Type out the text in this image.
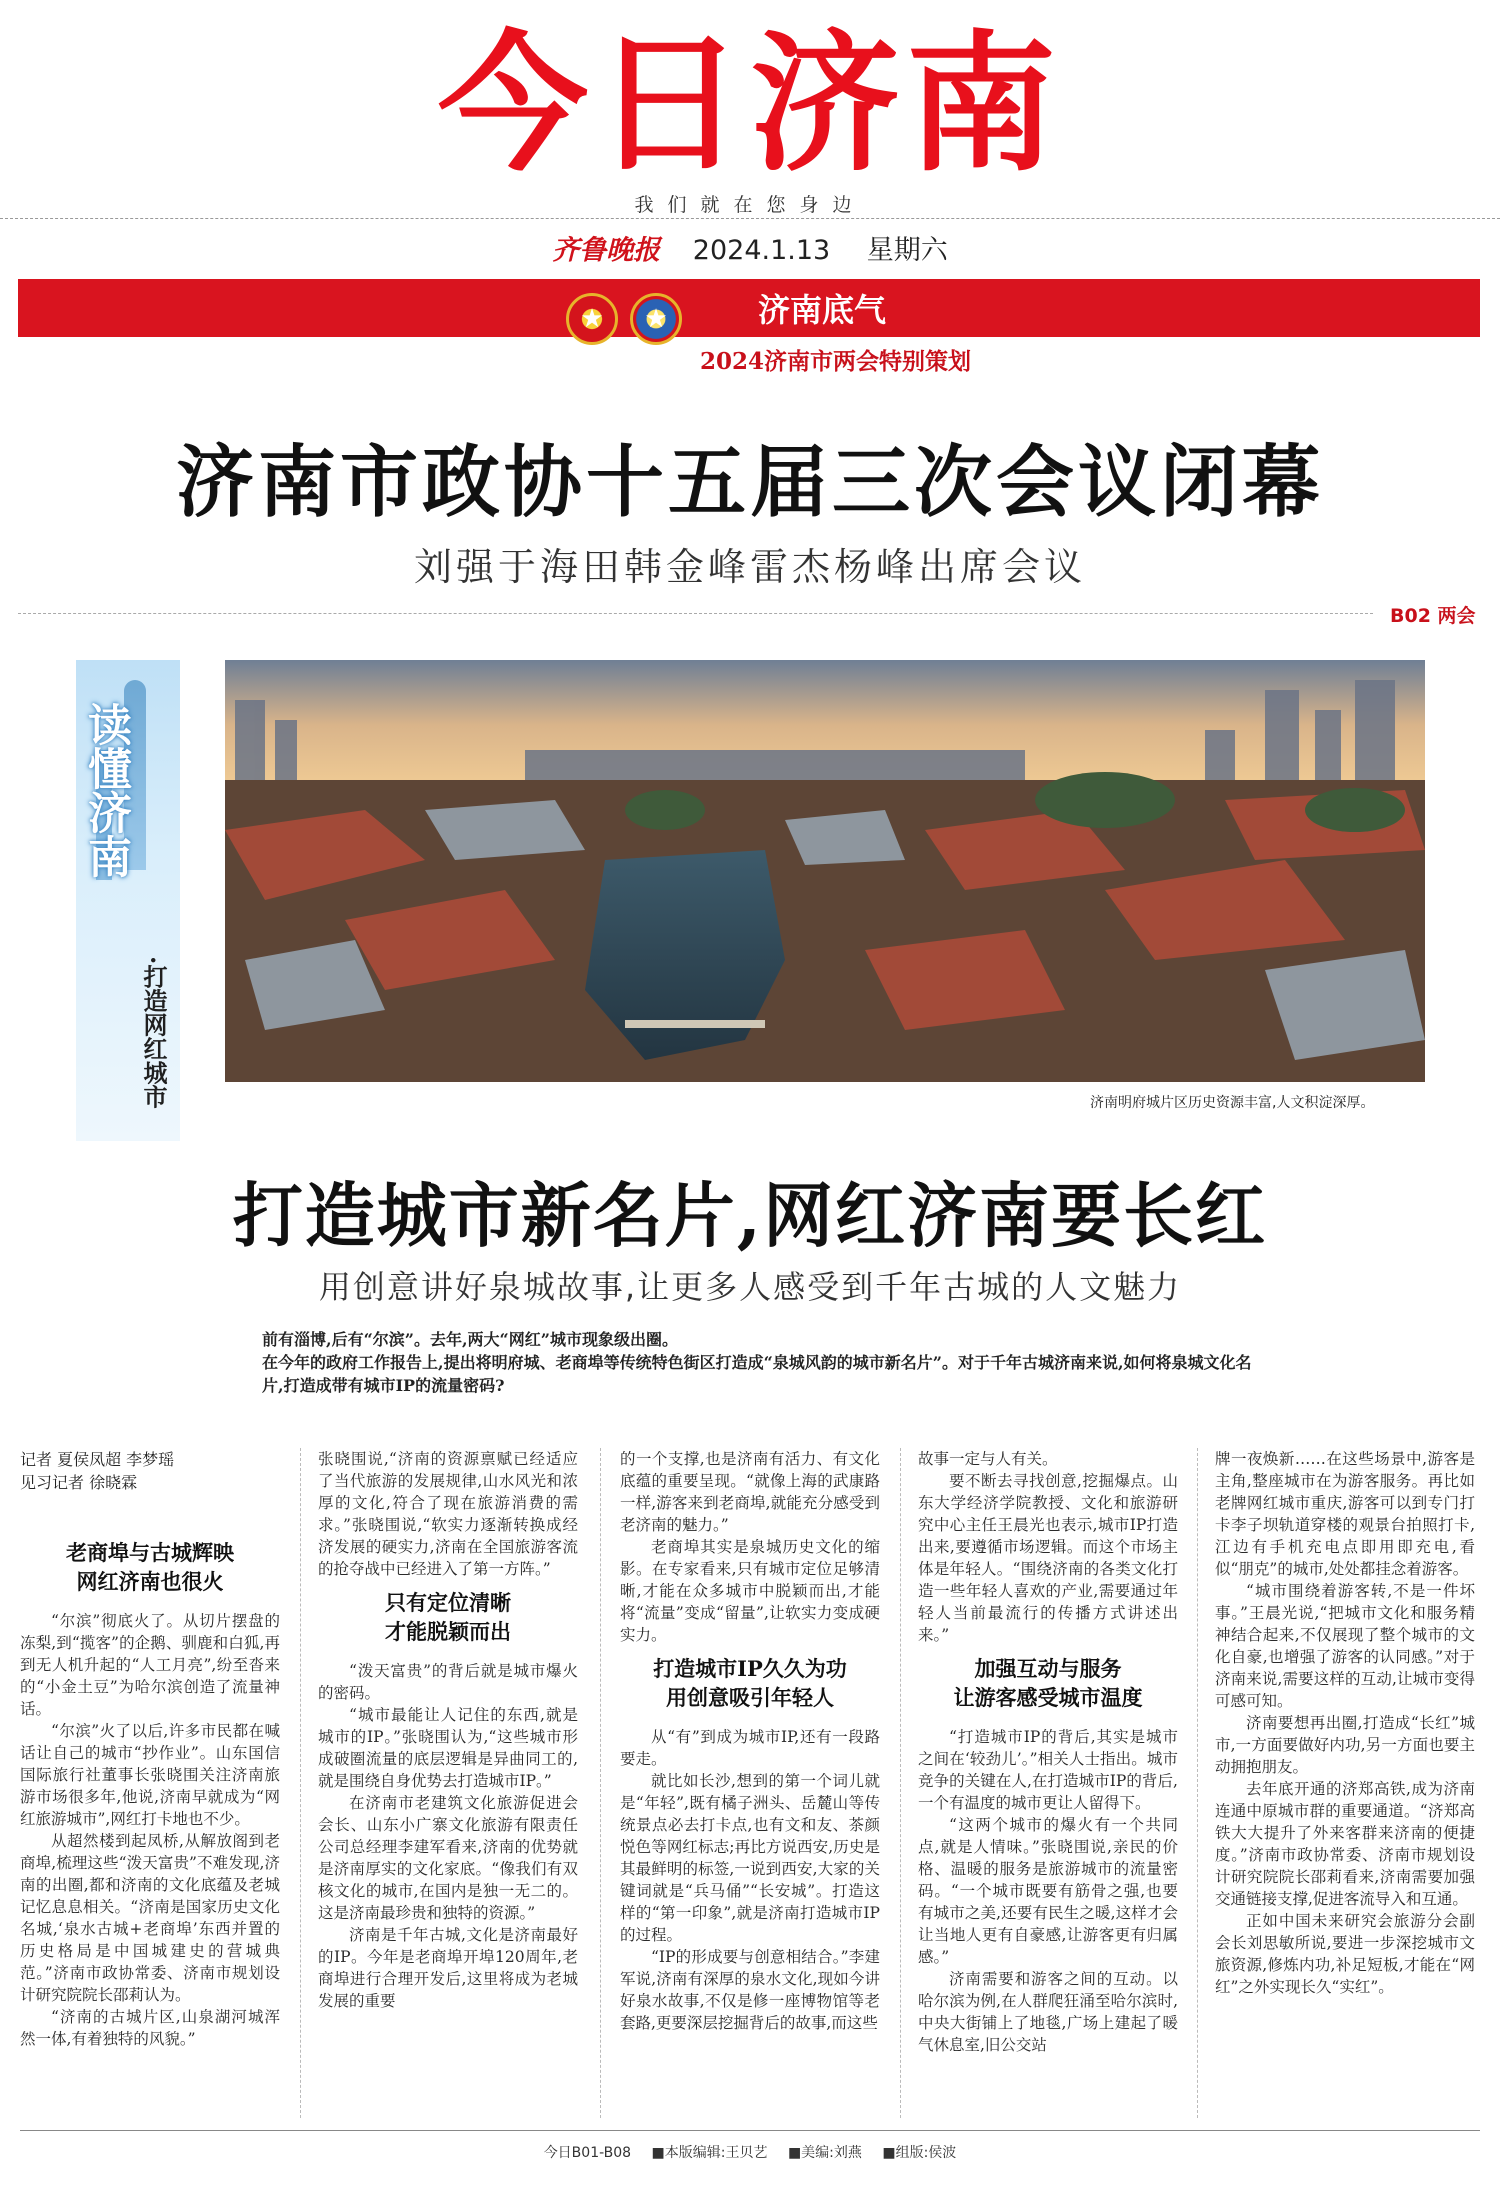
今日济南
我们就在您身边
齐鲁晚报 2024.1.13 星期六
济南底气
★	★
2024济南市两会特别策划
济南市政协十五届三次会议闭幕
刘强于海田韩金峰雷杰杨峰出席会议
B02 两会
读懂济南
·打造网红城市	济南明府城片区历史资源丰富,人文积淀深厚。
打造城市新名片,网红济南要长红
用创意讲好泉城故事,让更多人感受到千年古城的人文魅力

前有淄博,后有“尔滨”。去年,两大“网红”城市现象级出圈。

在今年的政府工作报告上,提出将明府城、老商埠等传统特色街区打造成“泉城风韵的城市新名片”。对于千年古城济南来说,如何将泉城文化名片,打造成带有城市IP的流量密码?

记者 夏侯凤超 李梦瑶
见习记者 徐晓霖
老商埠与古城辉映
网红济南也很火

“尔滨”彻底火了。从切片摆盘的冻梨,到“揽客”的企鹅、驯鹿和白狐,再到无人机升起的“人工月亮”,纷至沓来的“小金土豆”为哈尔滨创造了流量神话。

“尔滨”火了以后,许多市民都在喊话让自己的城市“抄作业”。山东国信国际旅行社董事长张晓围关注济南旅游市场很多年,他说,济南早就成为“网红旅游城市”,网红打卡地也不少。

从超然楼到起凤桥,从解放阁到老商埠,梳理这些“泼天富贵”不难发现,济南的出圈,都和济南的文化底蕴及老城记忆息息相关。“济南是国家历史文化名城,‘泉水古城+老商埠’东西并置的历史格局是中国城建史的营城典范。”济南市政协常委、济南市规划设计研究院院长邵莉认为。

“济南的古城片区,山泉湖河城浑然一体,有着独特的风貌。”

张晓围说,“济南的资源禀赋已经适应了当代旅游的发展规律,山水风光和浓厚的文化,符合了现在旅游消费的需求。”张晓围说,“软实力逐渐转换成经济发展的硬实力,济南在全国旅游客流的抢夺战中已经进入了第一方阵。”

只有定位清晰
才能脱颖而出

“泼天富贵”的背后就是城市爆火的密码。

“城市最能让人记住的东西,就是城市的IP。”张晓围认为,“这些城市形成破圈流量的底层逻辑是异曲同工的,就是围绕自身优势去打造城市IP。”

在济南市老建筑文化旅游促进会会长、山东小广寨文化旅游有限责任公司总经理李建军看来,济南的优势就是济南厚实的文化家底。“像我们有双核文化的城市,在国内是独一无二的。这是济南最珍贵和独特的资源。”

济南是千年古城,文化是济南最好的IP。今年是老商埠开埠120周年,老商埠进行合理开发后,这里将成为老城发展的重要

的一个支撑,也是济南有活力、有文化底蕴的重要呈现。“就像上海的武康路一样,游客来到老商埠,就能充分感受到老济南的魅力。”

老商埠其实是泉城历史文化的缩影。在专家看来,只有城市定位足够清晰,才能在众多城市中脱颖而出,才能将“流量”变成“留量”,让软实力变成硬实力。

打造城市IP久久为功
用创意吸引年轻人

从“有”到成为城市IP,还有一段路要走。

就比如长沙,想到的第一个词儿就是“年轻”,既有橘子洲头、岳麓山等传统景点必去打卡点,也有文和友、茶颜悦色等网红标志;再比方说西安,历史是其最鲜明的标签,一说到西安,大家的关键词就是“兵马俑”“长安城”。打造这样的“第一印象”,就是济南打造城市IP的过程。

“IP的形成要与创意相结合。”李建军说,济南有深厚的泉水文化,现如今讲好泉水故事,不仅是修一座博物馆等老套路,更要深层挖掘背后的故事,而这些

故事一定与人有关。

要不断去寻找创意,挖掘爆点。山东大学经济学院教授、文化和旅游研究中心主任王晨光也表示,城市IP打造出来,要遵循市场逻辑。而这个市场主体是年轻人。“围绕济南的各类文化打造一些年轻人喜欢的产业,需要通过年轻人当前最流行的传播方式讲述出来。”

加强互动与服务
让游客感受城市温度

“打造城市IP的背后,其实是城市之间在‘较劲儿’。”相关人士指出。城市竞争的关键在人,在打造城市IP的背后,一个有温度的城市更让人留得下。

“这两个城市的爆火有一个共同点,就是人情味。”张晓围说,亲民的价格、温暖的服务是旅游城市的流量密码。“一个城市既要有筋骨之强,也要有城市之美,还要有民生之暖,这样才会让当地人更有自豪感,让游客更有归属感。”

济南需要和游客之间的互动。以哈尔滨为例,在人群爬狂涌至哈尔滨时,中央大街铺上了地毯,广场上建起了暖气休息室,旧公交站

牌一夜焕新……在这些场景中,游客是主角,整座城市在为游客服务。再比如老牌网红城市重庆,游客可以到专门打卡李子坝轨道穿楼的观景台拍照打卡,江边有手机充电点即用即充电,看似“朋克”的城市,处处都挂念着游客。

“城市围绕着游客转,不是一件坏事。”王晨光说,“把城市文化和服务精神结合起来,不仅展现了整个城市的文化自豪,也增强了游客的认同感。”对于济南来说,需要这样的互动,让城市变得可感可知。

济南要想再出圈,打造成“长红”城市,一方面要做好内功,另一方面也要主动拥抱朋友。

去年底开通的济郑高铁,成为济南连通中原城市群的重要通道。“济郑高铁大大提升了外来客群来济南的便捷度。”济南市政协常委、济南市规划设计研究院院长邵莉看来,济南需要加强交通链接支撑,促进客流导入和互通。

正如中国未来研究会旅游分会副会长刘思敏所说,要进一步深挖城市文旅资源,修炼内功,补足短板,才能在“网红”之外实现长久“实红”。

今日B01-B08 ■本版编辑:王贝艺 ■美编:刘燕 ■组版:侯波
